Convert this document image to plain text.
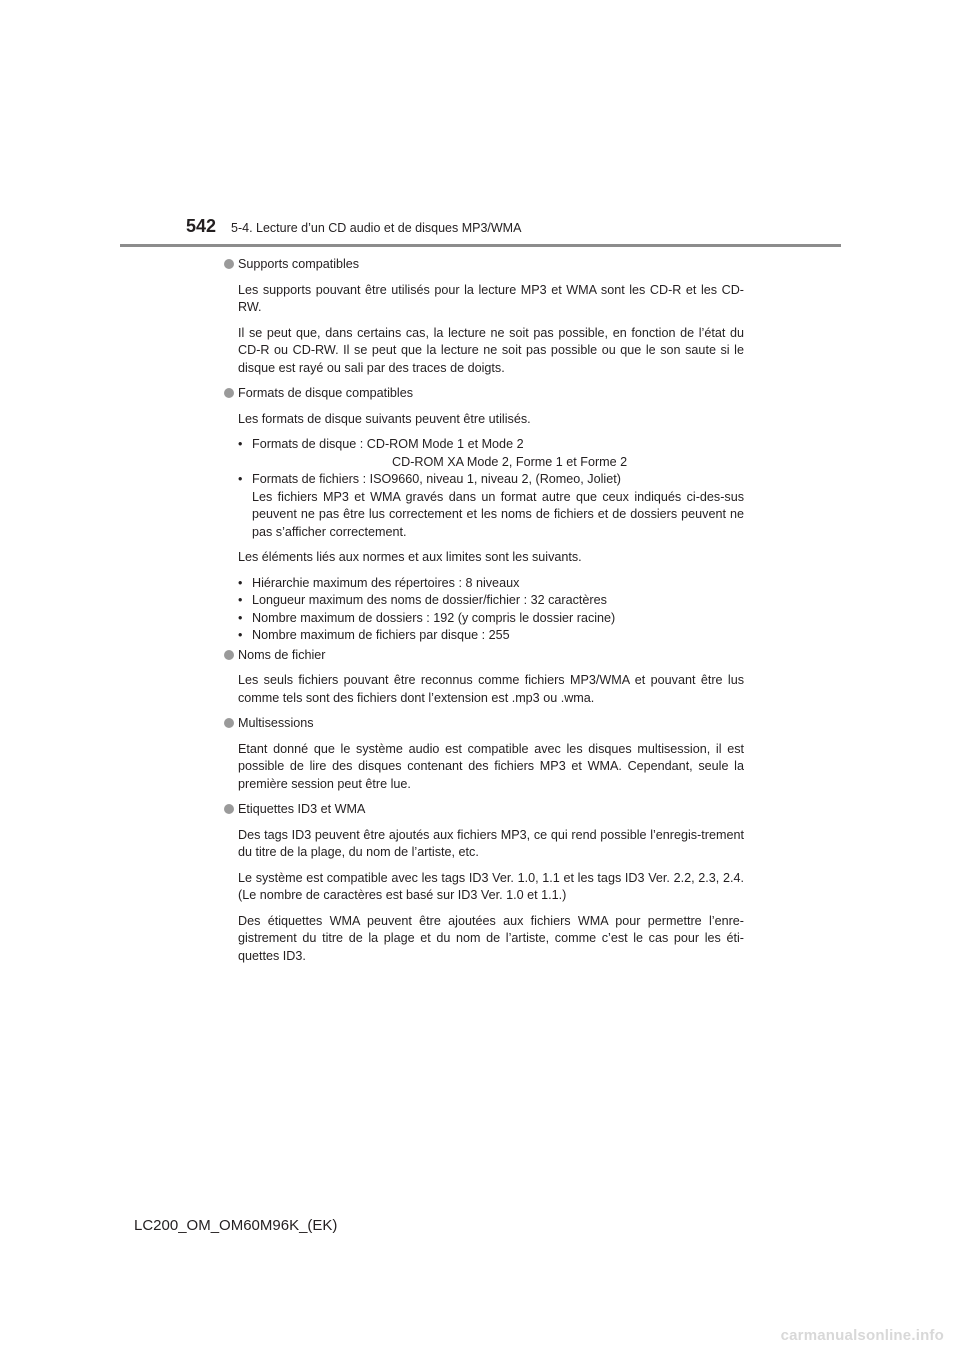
542 5-4. Lecture d’un CD audio et de disques MP3/WMA
Supports compatibles
Les supports pouvant être utilisés pour la lecture MP3 et WMA sont les CD-R et les CD-RW.
Il se peut que, dans certains cas, la lecture ne soit pas possible, en fonction de l’état du CD-R ou CD-RW. Il se peut que la lecture ne soit pas possible ou que le son saute si le disque est rayé ou sali par des traces de doigts.
Formats de disque compatibles
Les formats de disque suivants peuvent être utilisés.
• Formats de disque : CD-ROM Mode 1 et Mode 2
CD-ROM XA Mode 2, Forme 1 et Forme 2
• Formats de fichiers : ISO9660, niveau 1, niveau 2, (Romeo, Joliet)
Les fichiers MP3 et WMA gravés dans un format autre que ceux indiqués ci-des-sus peuvent ne pas être lus correctement et les noms de fichiers et de dossiers peuvent ne pas s’afficher correctement.
Les éléments liés aux normes et aux limites sont les suivants.
• Hiérarchie maximum des répertoires : 8 niveaux
• Longueur maximum des noms de dossier/fichier : 32 caractères
• Nombre maximum de dossiers : 192 (y compris le dossier racine)
• Nombre maximum de fichiers par disque : 255
Noms de fichier
Les seuls fichiers pouvant être reconnus comme fichiers MP3/WMA et pouvant être lus comme tels sont des fichiers dont l’extension est .mp3 ou .wma.
Multisessions
Etant donné que le système audio est compatible avec les disques multisession, il est possible de lire des disques contenant des fichiers MP3 et WMA. Cependant, seule la première session peut être lue.
Etiquettes ID3 et WMA
Des tags ID3 peuvent être ajoutés aux fichiers MP3, ce qui rend possible l’enregis-trement du titre de la plage, du nom de l’artiste, etc.
Le système est compatible avec les tags ID3 Ver. 1.0, 1.1 et les tags ID3 Ver. 2.2, 2.3, 2.4. (Le nombre de caractères est basé sur ID3 Ver. 1.0 et 1.1.)
Des étiquettes WMA peuvent être ajoutées aux fichiers WMA pour permettre l’enre-gistrement du titre de la plage et du nom de l’artiste, comme c’est le cas pour les éti-quettes ID3.
LC200_OM_OM60M96K_(EK)
carmanualsonline.info
